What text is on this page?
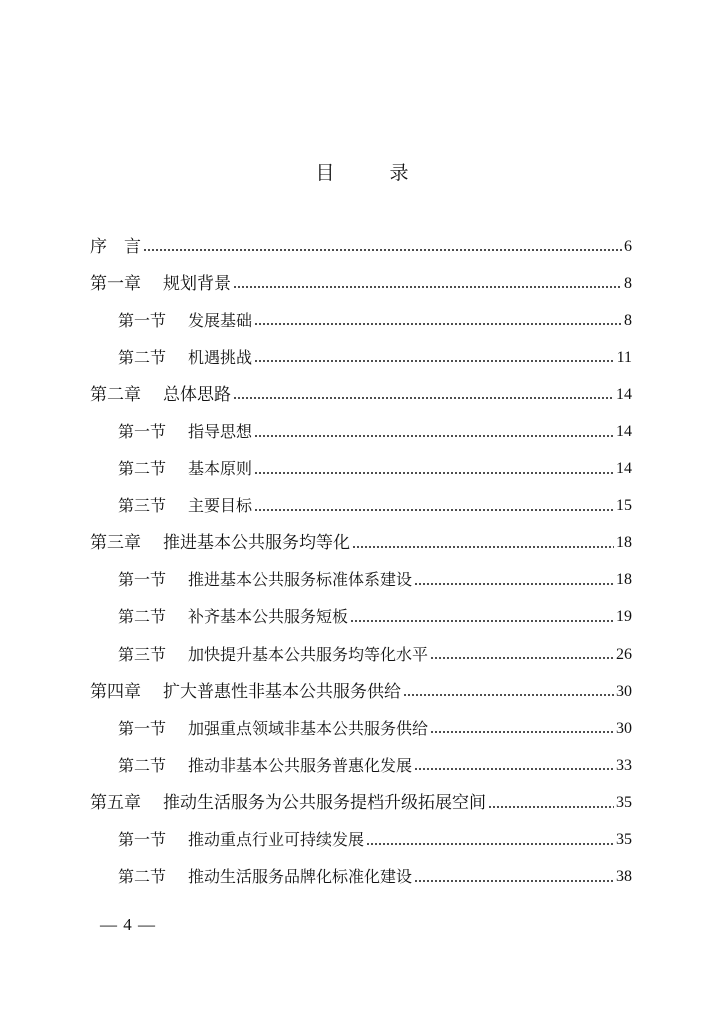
目　录
序　言	6
第一章 规划背景	8
第一节 发展基础	8
第二节 机遇挑战	11
第二章 总体思路	14
第一节 指导思想	14
第二节 基本原则	14
第三节 主要目标	15
第三章 推进基本公共服务均等化	18
第一节 推进基本公共服务标准体系建设	18
第二节 补齐基本公共服务短板	19
第三节 加快提升基本公共服务均等化水平	26
第四章 扩大普惠性非基本公共服务供给	30
第一节 加强重点领域非基本公共服务供给	30
第二节 推动非基本公共服务普惠化发展	33
第五章 推动生活服务为公共服务提档升级拓展空间	35
第一节 推动重点行业可持续发展	35
第二节 推动生活服务品牌化标准化建设	38
— 4 —
